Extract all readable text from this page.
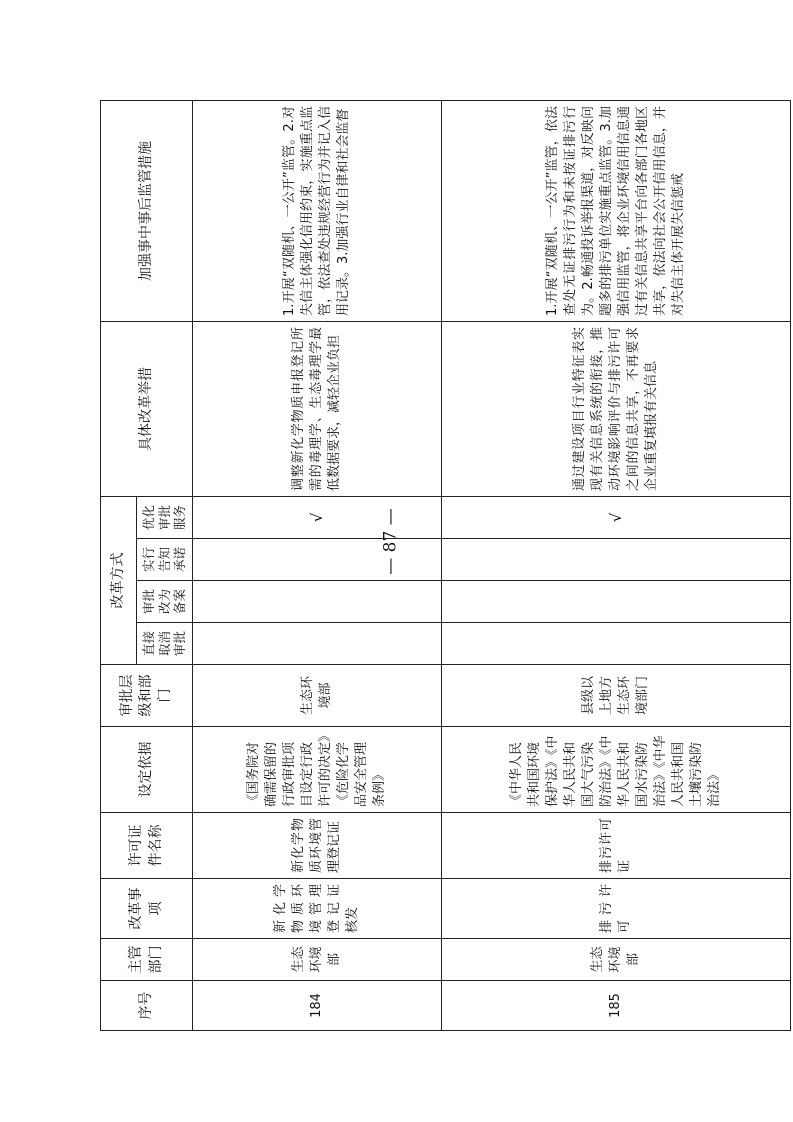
序号	主管部门	改革事项	许可证件名称	设定依据	审批层级和部门	改革方式				具体改革举措	加强事中事后监管措施
						直接取消审批	审批改为备案	实行告知承诺	优化审批服务		
184	生态环境部	新化学物质环境管理登记证核发	新化学物质环境管理登记证	《国务院对确需保留的行政审批项目设定行政许可的决定》《危险化学品安全管理条例》	生态环境部				√	调整新化学物质申报登记所需的毒理学、生态毒理学最低数据要求，减轻企业负担	1.开展“双随机、一公开”监管。2.对失信主体强化信用约束，实施重点监管，依法查处违规经营行为并记入信用记录。3.加强行业自律和社会监督
185	生态环境部	排污许可	排污许可证	《中华人民共和国环境保护法》《中华人民共和国大气污染防治法》《中华人民共和国水污染防治法》《中华人民共和国土壤污染防治法》	县级以上地方生态环境部门				√	通过建设项目行业特征表实现有关信息系统的衔接，推动环境影响评价与排污许可之间的信息共享，不再要求企业重复填报有关信息	1.开展“双随机、一公开”监管，依法查处无证排污行为和未按证排污行为。2.畅通投诉举报渠道，对反映问题多的排污单位实施重点监管。3.加强信用监管，将企业环境信用信息通过有关信息共享平台向各部门各地区共享，依法向社会公开信用信息，并对失信主体开展失信惩戒
— 87 —
